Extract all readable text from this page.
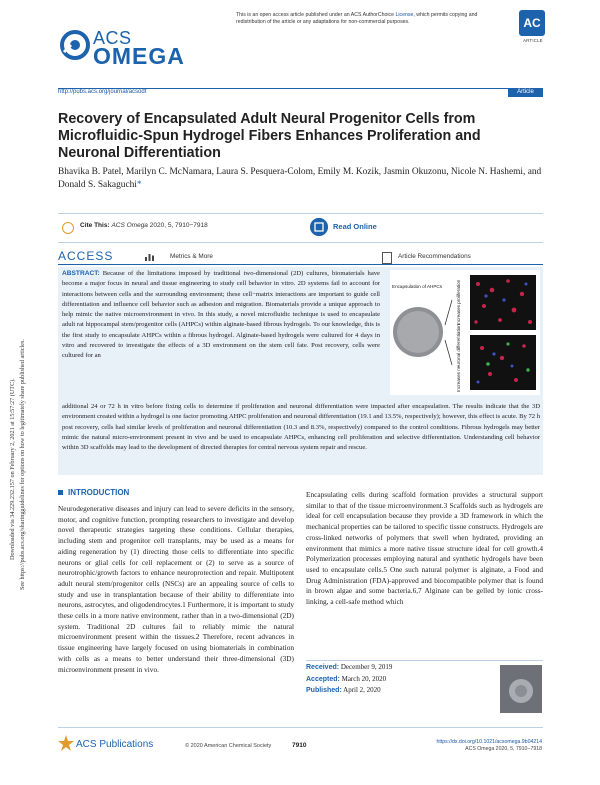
This is an open access article published under an ACS AuthorChoice License, which permits copying and redistribution of the article or any adaptations for non-commercial purposes.	AC
ARTICLE
ACS
OMEGA
http://pubs.acs.org/journal/acsodf	Article
Recovery of Encapsulated Adult Neural Progenitor Cells from Microfluidic-Spun Hydrogel Fibers Enhances Proliferation and Neuronal Differentiation
Bhavika B. Patel, Marilyn C. McNamara, Laura S. Pesquera-Colom, Emily M. Kozik, Jasmin Okuzonu, Nicole N. Hashemi, and Donald S. Sakaguchi*
Cite This: ACS Omega 2020, 5, 7910−7918	Read Online
ACCESS	Metrics & More	Article Recommendations
ABSTRACT: Because of the limitations imposed by traditional two-dimensional (2D) cultures, biomaterials have become a major focus in neural and tissue engineering to study cell behavior in vitro. 2D systems fail to account for interactions between cells and the surrounding environment; these cell−matrix interactions are important to guide cell differentiation and influence cell behavior such as adhesion and migration. Biomaterials provide a unique approach to help mimic the native microenvironment in vivo. In this study, a novel microfluidic technique is used to encapsulate adult rat hippocampal stem/progenitor cells (AHPCs) within alginate-based fibrous hydrogels. To our knowledge, this is the first study to encapsulate AHPCs within a fibrous hydrogel. Alginate-based hydrogels were cultured for 4 days in vitro and recovered to investigate the effects of a 3D environment on the stem cell fate. Post recovery, cells were cultured for an
additional 24 or 72 h in vitro before fixing cells to determine if proliferation and neuronal differentiation were impacted after encapsulation. The results indicate that the 3D environment created within a hydrogel is one factor promoting AHPC proliferation and neuronal differentiation (19.1 and 13.5%, respectively); however, this effect is acute. By 72 h post recovery, cells had similar levels of proliferation and neuronal differentiation (10.3 and 8.3%, respectively) compared to the control conditions. Fibrous hydrogels may better mimic the natural micro-environment present in vivo and be used to encapsulate AHPCs, enhancing cell proliferation and selective differentiation. Understanding cell behavior within 3D scaffolds may lead to the development of directed therapies for central nervous system repair and rescue.
Encapsulation of AHPCs	Increases proliferation
Increases neuronal differentiation
Downloaded via 34.229.232.157 on February 2, 2021 at 15:57:27 (UTC). See https://pubs.acs.org/sharingguidelines for options on how to legitimately share published articles.	INTRODUCTION
Neurodegenerative diseases and injury can lead to severe deficits in the sensory, motor, and cognitive function, prompting researchers to investigate and develop novel therapeutic strategies targeting these conditions. Cellular therapies, including stem and progenitor cell transplants, may be used as a means for aiding regeneration by (1) directing those cells to differentiate into specific neurons or glial cells for cell replacement or (2) to serve as a source of neurotrophic/growth factors to enhance neuroprotection and repair. Multipotent adult neural stem/progenitor cells (NSCs) are an appealing source of cells to study and use in transplantation because of their ability to differentiate into neurons, astrocytes, and oligodendrocytes.1 Furthermore, it is important to study these cells in a more native environment, rather than in a two-dimensional (2D) system. Traditional 2D cultures fail to reliably mimic the natural microenvironment present within the tissues.2 Therefore, recent advances in tissue engineering have largely focused on using biomaterials in combination with cells as a means to better understand their three-dimensional (3D) microenvironment present in vivo.
Encapsulating cells during scaffold formation provides a structural support similar to that of the tissue microenvironment.3 Scaffolds such as hydrogels are ideal for cell encapsulation because they provide a 3D framework in which the mechanical properties can be tailored to specific tissue constructs. Hydrogels are cross-linked networks of polymers that swell when hydrated, providing an environment that mimics a more native tissue structure ideal for cell growth.4 Polymerization processes employing natural and synthetic hydrogels have been used to encapsulate cells.5 One such natural polymer is alginate, a Food and Drug Administration (FDA)-approved and biocompatible polymer that is found in brown algae and some bacteria.6,7 Alginate can be gelled by ionic cross-linking, a cell-safe method which
Received: December 9, 2019
Accepted: March 20, 2020
Published: April 2, 2020
ACS Publications	© 2020 American Chemical Society	7910	https://dx.doi.org/10.1021/acsomega.9b04214
ACS Omega 2020, 5, 7910−7918
